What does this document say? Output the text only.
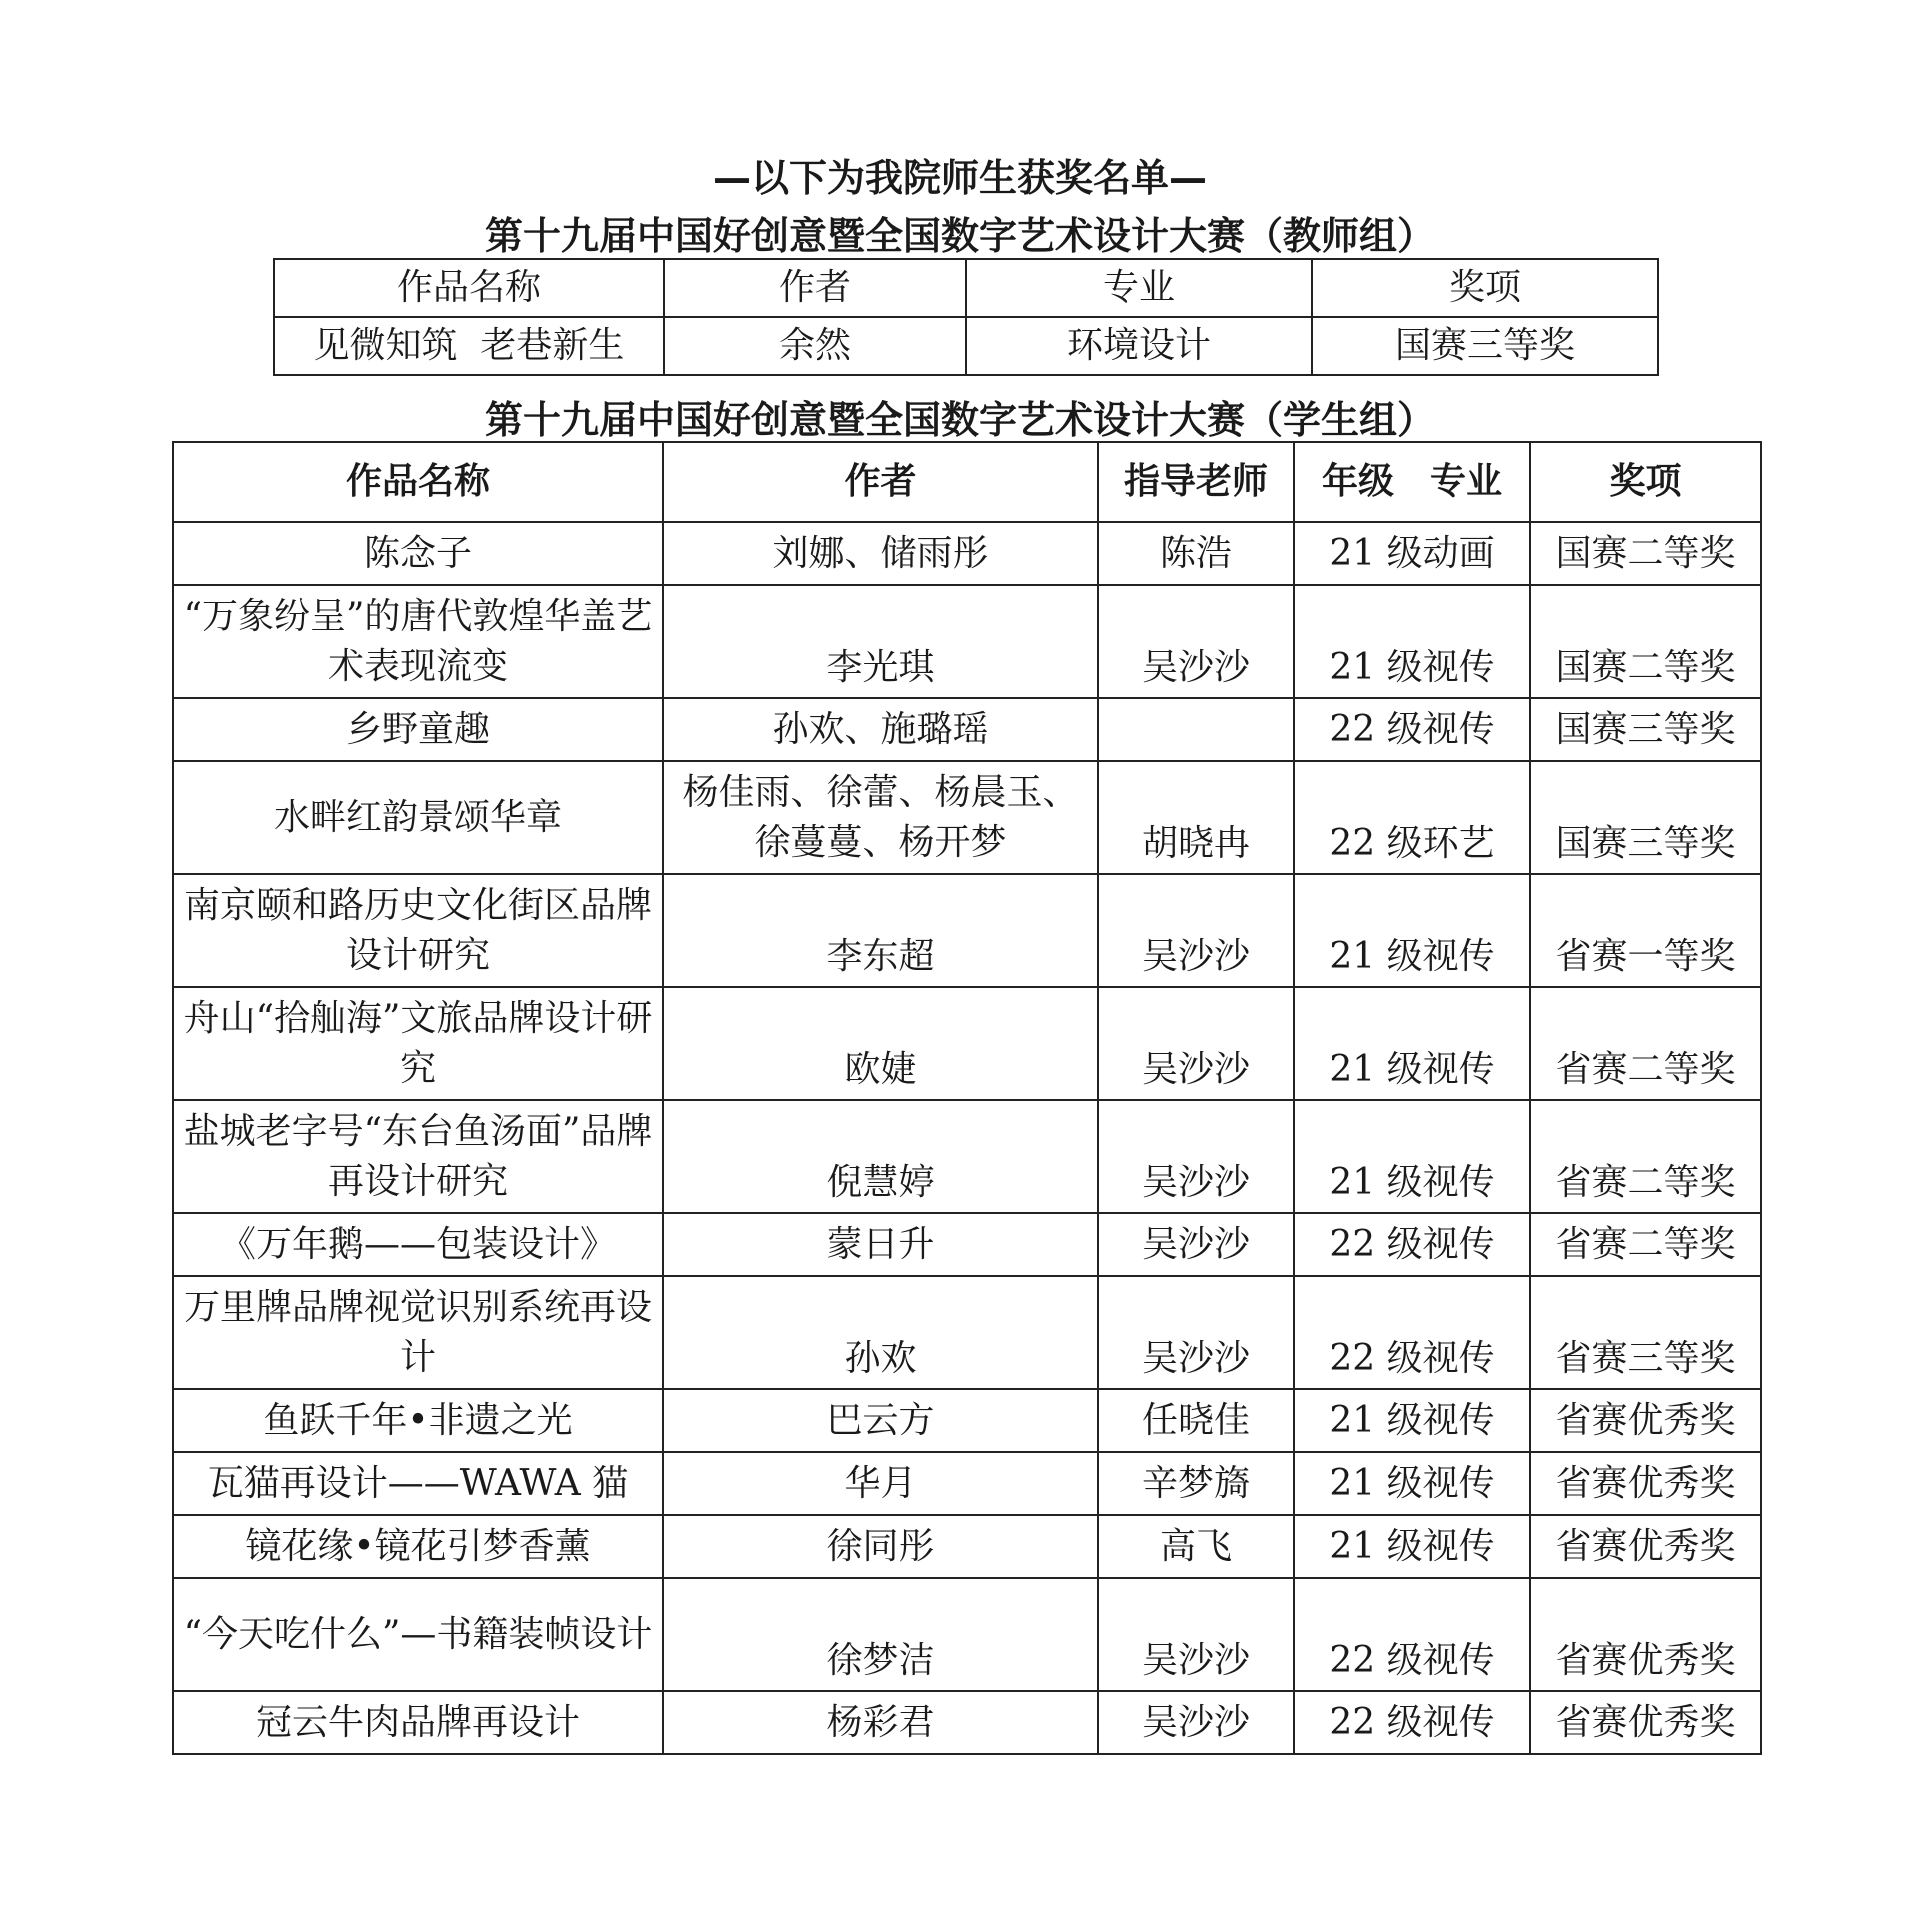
—以下为我院师生获奖名单—
第十九届中国好创意暨全国数字艺术设计大赛（教师组）
作品名称	作者	专业	奖项
见微知筑  老巷新生	余然	环境设计	国赛三等奖
第十九届中国好创意暨全国数字艺术设计大赛（学生组）
作品名称	作者	指导老师	年级　专业	奖项
陈念子	刘娜、储雨彤	陈浩	21 级动画	国赛二等奖
“万象纷呈”的唐代敦煌华盖艺术表现流变	李光琪	吴沙沙	21 级视传	国赛二等奖
乡野童趣	孙欢、施璐瑶		22 级视传	国赛三等奖
水畔红韵景颂华章	杨佳雨、徐蕾、杨晨玉、徐蔓蔓、杨开梦	胡晓冉	22 级环艺	国赛三等奖
南京颐和路历史文化街区品牌设计研究	李东超	吴沙沙	21 级视传	省赛一等奖
舟山“拾舢海”文旅品牌设计研究	欧婕	吴沙沙	21 级视传	省赛二等奖
盐城老字号“东台鱼汤面”品牌再设计研究	倪慧婷	吴沙沙	21 级视传	省赛二等奖
《万年鹅——包装设计》	蒙日升	吴沙沙	22 级视传	省赛二等奖
万里牌品牌视觉识别系统再设计	孙欢	吴沙沙	22 级视传	省赛三等奖
鱼跃千年•非遗之光	巴云方	任晓佳	21 级视传	省赛优秀奖
瓦猫再设计——WAWA 猫	华月	辛梦旖	21 级视传	省赛优秀奖
镜花缘•镜花引梦香薰	徐同彤	高飞	21 级视传	省赛优秀奖
“今天吃什么”—书籍装帧设计	徐梦洁	吴沙沙	22 级视传	省赛优秀奖
冠云牛肉品牌再设计	杨彩君	吴沙沙	22 级视传	省赛优秀奖
